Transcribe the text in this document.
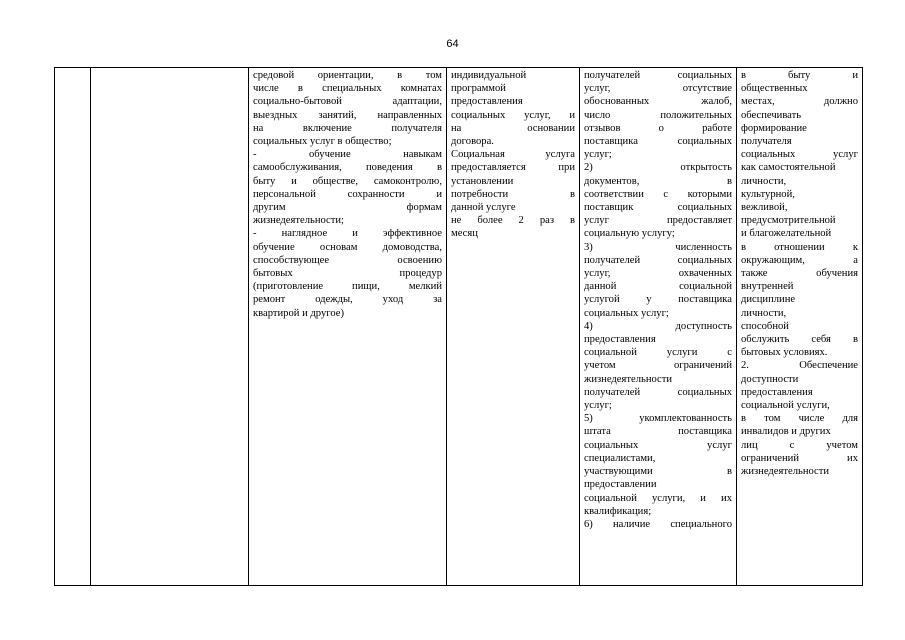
64

средовой ориентации, в том
числе в специальных комнатах
социально-бытовой адаптации,
выездных занятий, направленных
на включение получателя
социальных услуг в общество;
- обучение навыкам
самообслуживания, поведения в
быту и обществе, самоконтролю,
персональной сохранности и
другим формам
жизнедеятельности;
- наглядное и эффективное
обучение основам домоводства,
способствующее освоению
бытовых процедур
(приготовление пищи, мелкий
ремонт одежды, уход за
квартирой и другое)

индивидуальной
программой
предоставления
социальных услуг, и
на основании
договора.
Социальная услуга
предоставляется при
установлении
потребности в
данной услуге
не более 2 раз в
месяц

получателей социальных
услуг, отсутствие
обоснованных жалоб,
число положительных
отзывов о работе
поставщика социальных
услуг;
2) открытость
документов, в
соответствии с которыми
поставщик социальных
услуг предоставляет
социальную услугу;
3) численность
получателей социальных
услуг, охваченных
данной социальной
услугой у поставщика
социальных услуг;
4) доступность
предоставления
социальной услуги с
учетом ограничений
жизнедеятельности
получателей социальных
услуг;
5) укомплектованность
штата поставщика
социальных услуг
специалистами,
участвующими в
предоставлении
социальной услуги, и их
квалификация;
6) наличие специального

в быту и
общественных
местах, должно
обеспечивать
формирование
получателя
социальных услуг
как самостоятельной
личности,
культурной,
вежливой,
предусмотрительной
и благожелательной
в отношении к
окружающим, а
также обучения
внутренней
дисциплине
личности,
способной
обслужить себя в
бытовых условиях.
2. Обеспечение
доступности
предоставления
социальной услуги,
в том числе для
инвалидов и других
лиц с учетом
ограничений их
жизнедеятельности
